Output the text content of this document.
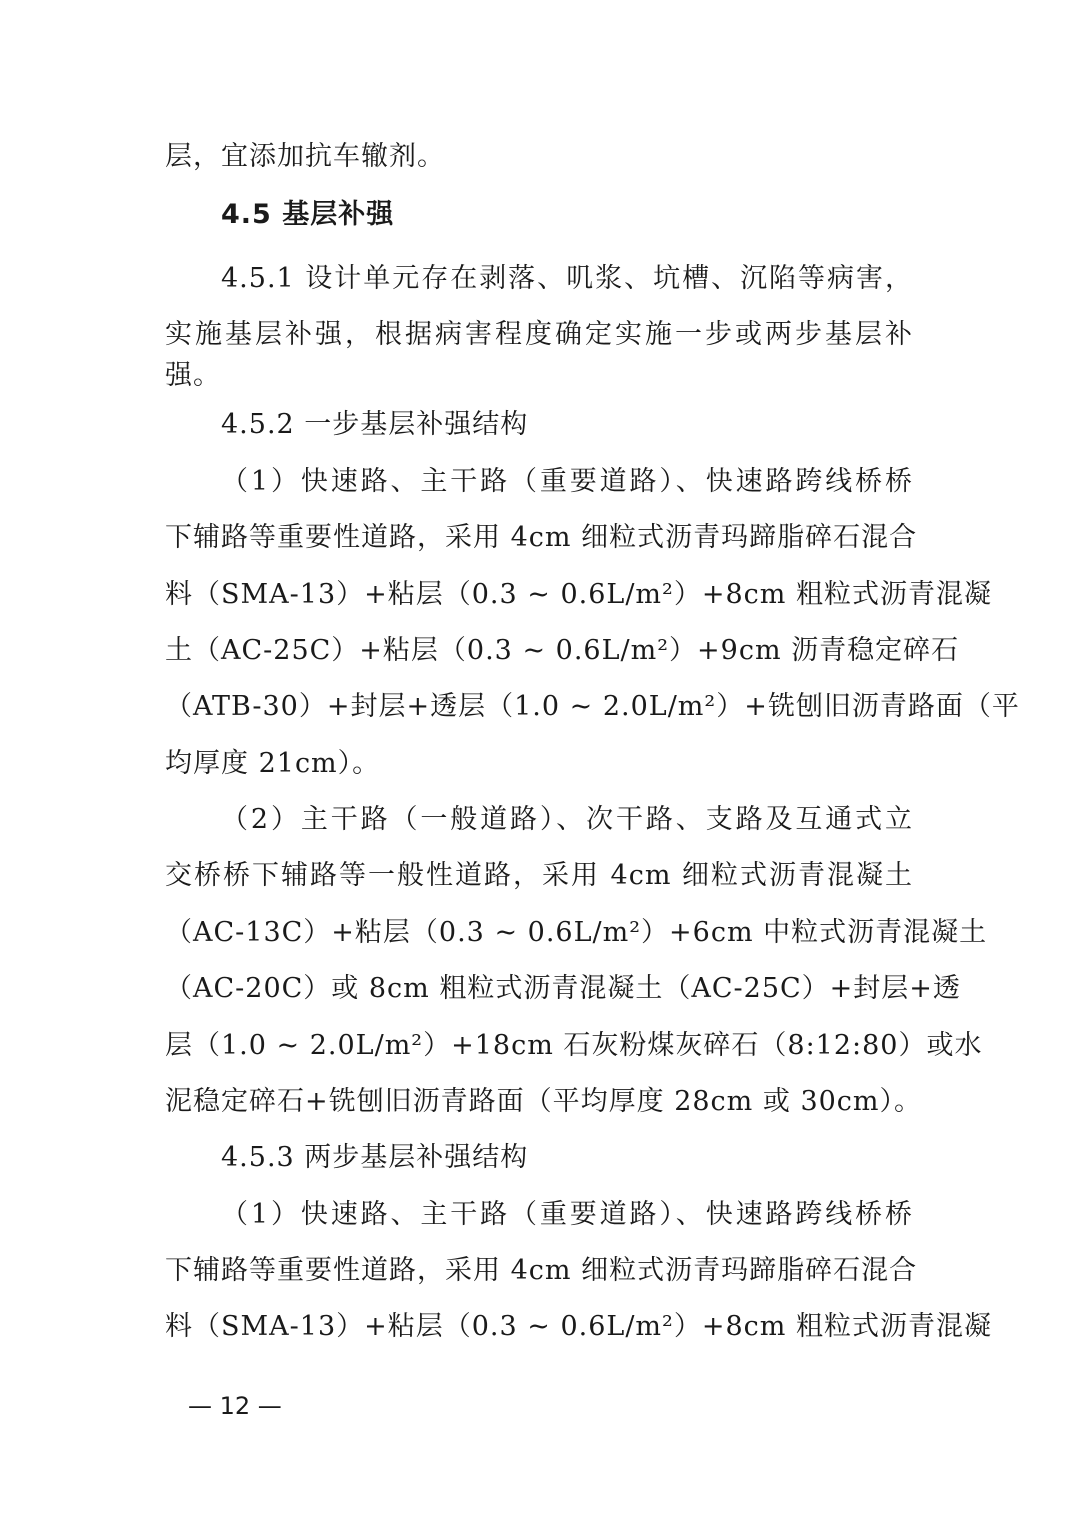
层，宜添加抗车辙剂。
4.5 基层补强
4.5.1 设计单元存在剥落、叽浆、坑槽、沉陷等病害，
实施基层补强，根据病害程度确定实施一步或两步基层补
强。
4.5.2 一步基层补强结构
（1）快速路、主干路（重要道路）、快速路跨线桥桥
下辅路等重要性道路，采用 4cm 细粒式沥青玛蹄脂碎石混合
料（SMA-13）+粘层（0.3 ~ 0.6L/m²）+8cm 粗粒式沥青混凝
土（AC-25C）+粘层（0.3 ~ 0.6L/m²）+9cm 沥青稳定碎石
（ATB-30）+封层+透层（1.0 ~ 2.0L/m²）+铣刨旧沥青路面（平
均厚度 21cm）。
（2）主干路（一般道路）、次干路、支路及互通式立
交桥桥下辅路等一般性道路，采用 4cm 细粒式沥青混凝土
（AC-13C）+粘层（0.3 ~ 0.6L/m²）+6cm 中粒式沥青混凝土
（AC-20C）或 8cm 粗粒式沥青混凝土（AC-25C）+封层+透
层（1.0 ~ 2.0L/m²）+18cm 石灰粉煤灰碎石（8:12:80）或水
泥稳定碎石+铣刨旧沥青路面（平均厚度 28cm 或 30cm）。
4.5.3 两步基层补强结构
（1）快速路、主干路（重要道路）、快速路跨线桥桥
下辅路等重要性道路，采用 4cm 细粒式沥青玛蹄脂碎石混合
料（SMA-13）+粘层（0.3 ~ 0.6L/m²）+8cm 粗粒式沥青混凝
— 12 —
